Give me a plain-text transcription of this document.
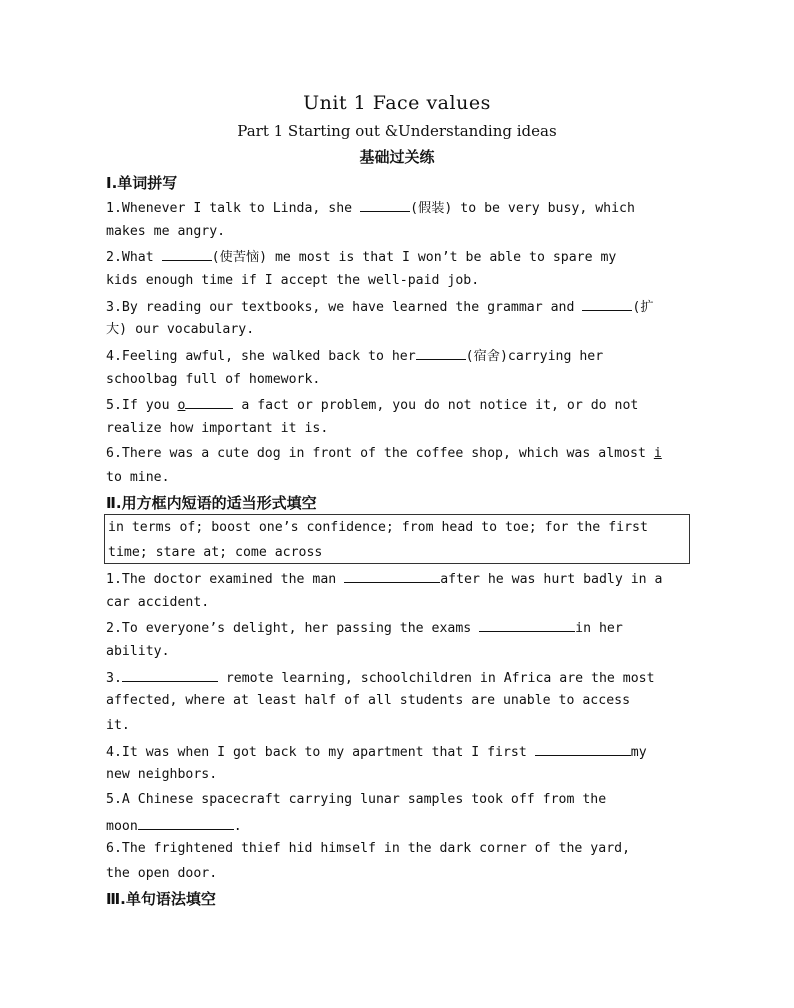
Unit 1 Face values
Part 1 Starting out &Understanding ideas
基础过关练
Ⅰ.单词拼写
1.Whenever I talk to Linda, she	(假装) to be very busy, which
makes me angry.
2.What	(使苦恼) me most is that I won’t be able to spare my
kids enough time if I accept the well-paid job.
3.By reading our textbooks, we have learned the grammar and	(扩
大) our vocabulary.
4.Feeling awful, she walked back to her	(宿舍)carrying her
schoolbag full of homework.
5.If you o	a fact or problem, you do not notice it, or do not
realize how important it is.
6.There was a cute dog in front of the coffee shop, which was almost i
to mine.
Ⅱ.用方框内短语的适当形式填空
in terms of; boost one’s confidence; from head to toe; for the first
time; stare at; come across
1.The doctor examined the man	after he was hurt badly in a
car accident.
2.To everyone’s delight, her passing the exams	in her
ability.
3.	remote learning, schoolchildren in Africa are the most
affected, where at least half of all students are unable to access
it.
4.It was when I got back to my apartment that I first	my
new neighbors.
5.A Chinese spacecraft carrying lunar samples took off from the
moon	.
6.The frightened thief hid himself in the dark corner of the yard,
the open door.
Ⅲ.单句语法填空
